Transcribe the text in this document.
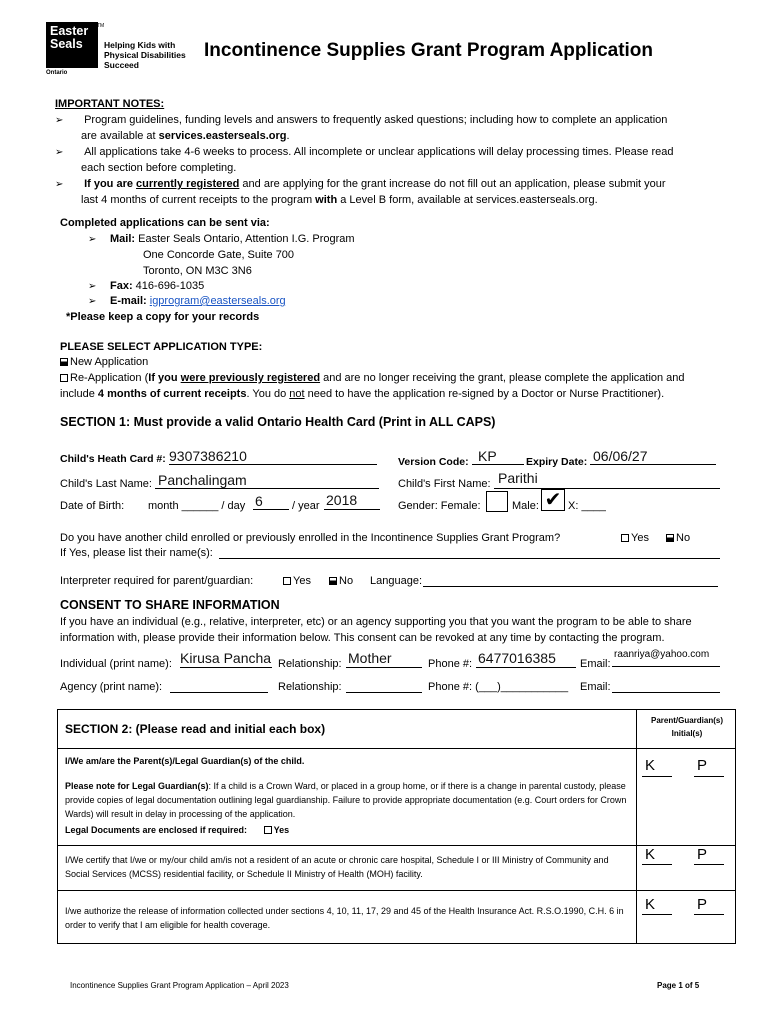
Easter
Seals
TM
Ontario
Helping Kids with Physical Disabilities Succeed
Incontinence Supplies Grant Program Application
IMPORTANT NOTES:
➢ Program guidelines, funding levels and answers to frequently asked questions; including how to complete an application
are available at services.easterseals.org.
➢ All applications take 4-6 weeks to process. All incomplete or unclear applications will delay processing times. Please read
each section before completing.
➢ If you are currently registered and are applying for the grant increase do not fill out an application, please submit your
last 4 months of current receipts to the program with a Level B form, available at services.easterseals.org.
Completed applications can be sent via:
➢ Mail: Easter Seals Ontario, Attention I.G. Program
One Concorde Gate, Suite 700
Toronto, ON M3C 3N6
➢ Fax: 416-696-1035
➢ E-mail: igprogram@easterseals.org
*Please keep a copy for your records
PLEASE SELECT APPLICATION TYPE:
New Application
Re-Application (If you were previously registered and are no longer receiving the grant, please complete the application and
include 4 months of current receipts. You do not need to have the application re-signed by a Doctor or Nurse Practitioner).
SECTION 1: Must provide a valid Ontario Health Card (Print in ALL CAPS)
Child's Heath Card #: 9307386210	Version Code: KP	Expiry Date: 06/06/27
Child's Last Name: Panchalingam	Child's First Name: Parithi
Date of Birth: month ______ / day 6	/ year 2018	Gender: Female:	Male: ✔ X: ____
Do you have another child enrolled or previously enrolled in the Incontinence Supplies Grant Program?	Yes	No
If Yes, please list their name(s):
Interpreter required for parent/guardian:	Yes	No Language:
CONSENT TO SHARE INFORMATION
If you have an individual (e.g., relative, interpreter, etc) or an agency supporting you that you want the program to be able to share
information with, please provide their information below. This consent can be revoked at any time by contacting the program.
Individual (print name): Kirusa Pancha Relationship: Mother	Phone #: 6477016385	Email:
raanriya@yahoo.com
Agency (print name):	Relationship:	Phone #: (___)___________ Email:
SECTION 2: (Please read and initial each box)
Parent/Guardian(s)
Initial(s)
I/We am/are the Parent(s)/Legal Guardian(s) of the child.
Please note for Legal Guardian(s): If a child is a Crown Ward, or placed in a group home, or if there is a change in parental custody, please provide copies of legal documentation outlining legal guardianship. Failure to provide appropriate documentation (e.g. Court orders for Crown Wards) will result in delay in processing of the application.
Legal Documents are enclosed if required:	Yes
K	P
I/We certify that I/we or my/our child am/is not a resident of an acute or chronic care hospital, Schedule I or III Ministry of Community and Social Services (MCSS) residential facility, or Schedule II Ministry of Health (MOH) facility.
K	P
I/we authorize the release of information collected under sections 4, 10, 11, 17, 29 and 45 of the Health Insurance Act. R.S.O.1990, C.H. 6 in order to verify that I am eligible for health coverage.
K	P
Incontinence Supplies Grant Program Application – April 2023	Page 1 of 5
